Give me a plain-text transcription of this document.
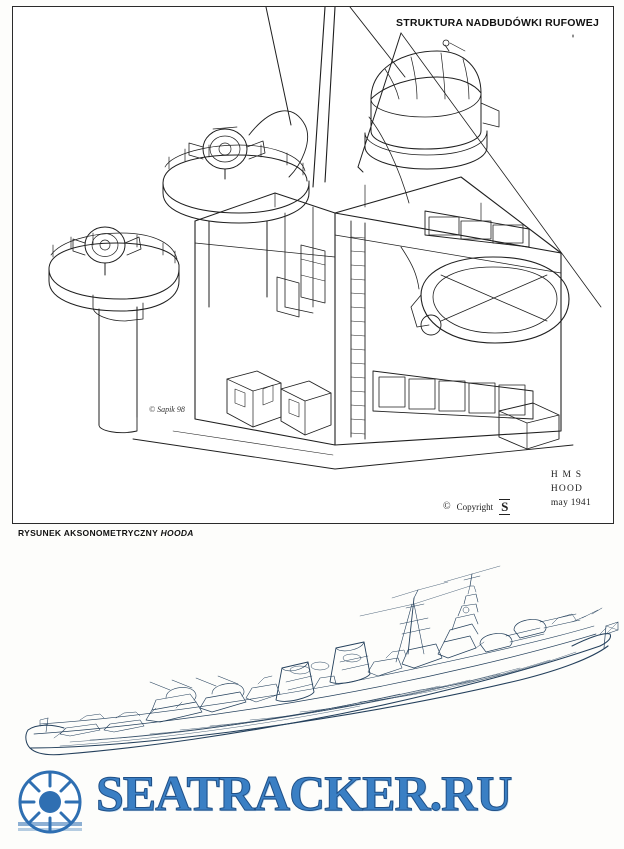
STRUKTURA NADBUDÓWKI RUFOWEJ
© Sapik 98
© Copyright S
H M S
HOOD
may 1941
RYSUNEK AKSONOMETRYCZNY HOODA
SEATRACKER.RU
